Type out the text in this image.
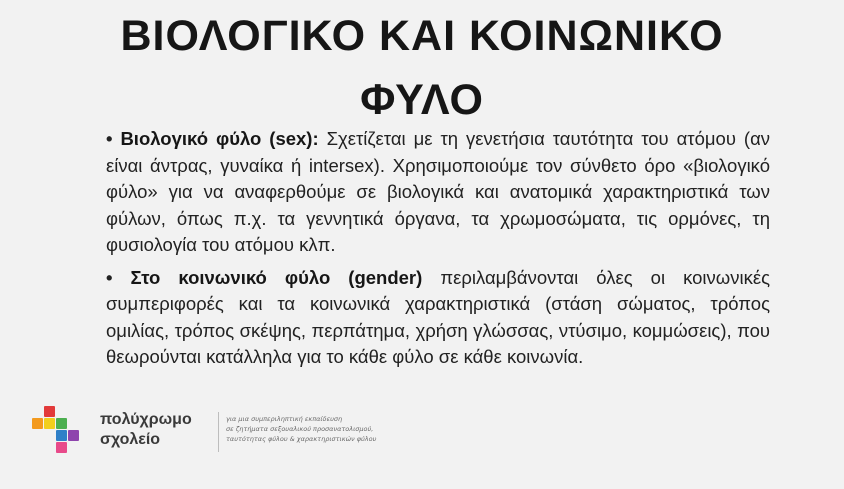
ΒΙΟΛΟΓΙΚΟ ΚΑΙ ΚΟΙΝΩΝΙΚΟ
ΦΥΛΟ
• Βιολογικό φύλο (sex): Σχετίζεται με τη γενετήσια ταυτότητα του ατόμου (αν είναι άντρας, γυναίκα ή intersex). Χρησιμοποιούμε τον σύνθετο όρο «βιολογικό φύλο» για να αναφερθούμε σε βιολογικά και ανατομικά χαρακτηριστικά των φύλων, όπως π.χ. τα γεννητικά όργανα, τα χρωμοσώματα, τις ορμόνες, τη φυσιολογία του ατόμου κλπ.
• Στο κοινωνικό φύλο (gender) περιλαμβάνονται όλες οι κοινωνικές συμπεριφορές και τα κοινωνικά χαρακτηριστικά (στάση σώματος, τρόπος ομιλίας, τρόπος σκέψης, περπάτημα, χρήση γλώσσας, ντύσιμο, κομμώσεις), που θεωρούνται κατάλληλα για το κάθε φύλο σε κάθε κοινωνία.
πολύχρωμο
σχολείο
για μια συμπεριληπτική εκπαίδευση
σε ζητήματα σεξουαλικού προσανατολισμού,
ταυτότητας φύλου & χαρακτηριστικών φύλου
